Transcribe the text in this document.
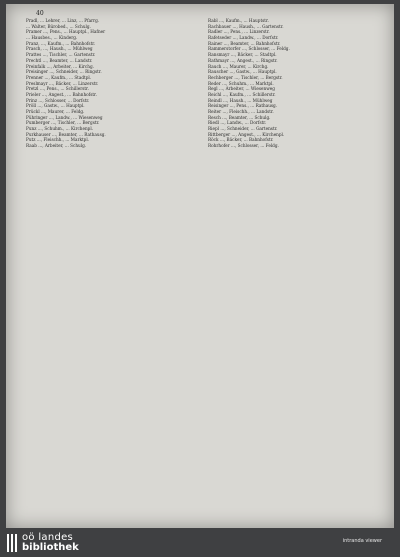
40
Pradl, ... Lehrer, ... Linz, ... Pfarrg.
... Walter, Bürobed., ... Schulg.
Pramer ..., Pens., ... Hauptpl., Hafner
... Hausbes., ... Kinderg.
Pranz, ..., Kaufm., ... Bahnhofstr.
Prasch, ..., Haush., ... Mühlweg
Prattes ..., Tischler, ... Gartenstr.
Prechtl ..., Beamter, ... Landstr.
Preinfalk ..., Arbeiter, ... Kirchg.
Preisinger ..., Schneider, ... Ringstr.
Prenner ..., Kaufm., ... Stadtpl.
Preslmayr ..., Bäcker, ... Linzerstr.
Pretzl ..., Pens., ... Schillerstr.
Prieler ..., Angest., ... Bahnhofstr.
Prinz ..., Schlosser, ... Dorfstr.
Pröll ..., Gastw., ... Hauptpl.
Prückl ..., Maurer, ... Feldg.
Pühringer ..., Landw., ... Wiesenweg
Pumberger ..., Tischler, ... Bergstr.
Punz ..., Schuhm., ... Kirchenpl.
Purkhauser ..., Beamter, ... Rathausg.
Putz ..., Fleischh., ... Marktpl.
Raab ..., Arbeiter, ... Schulg.
Rabl ..., Kaufm., ... Hauptstr.
Rachbauer ..., Haush., ... Gartenstr.
Radler ..., Pens., ... Linzerstr.
Rafetseder ..., Landw., ... Dorfstr.
Rainer ..., Beamter, ... Bahnhofstr.
Rammerstorfer ..., Schlosser, ... Feldg.
Ransmayr ..., Bäcker, ... Stadtpl.
Rathmayr ..., Angest., ... Ringstr.
Rauch ..., Maurer, ... Kirchg.
Rauscher ..., Gastw., ... Hauptpl.
Rechberger ..., Tischler, ... Bergstr.
Reder ..., Schuhm., ... Marktpl.
Regl ..., Arbeiter, ... Wiesenweg
Reichl ..., Kaufm., ... Schillerstr.
Reindl ..., Haush., ... Mühlweg
Reisinger ..., Pens., ... Rathausg.
Reiter ..., Fleischh., ... Landstr.
Resch ..., Beamter, ... Schulg.
Riedl ..., Landw., ... Dorfstr.
Riepl ..., Schneider, ... Gartenstr.
Rittberger ..., Angest., ... Kirchenpl.
Röck ..., Bäcker, ... Bahnhofstr.
Rohrhofer ..., Schlosser, ... Feldg.
oö landes
bibliothek
intranda viewer
